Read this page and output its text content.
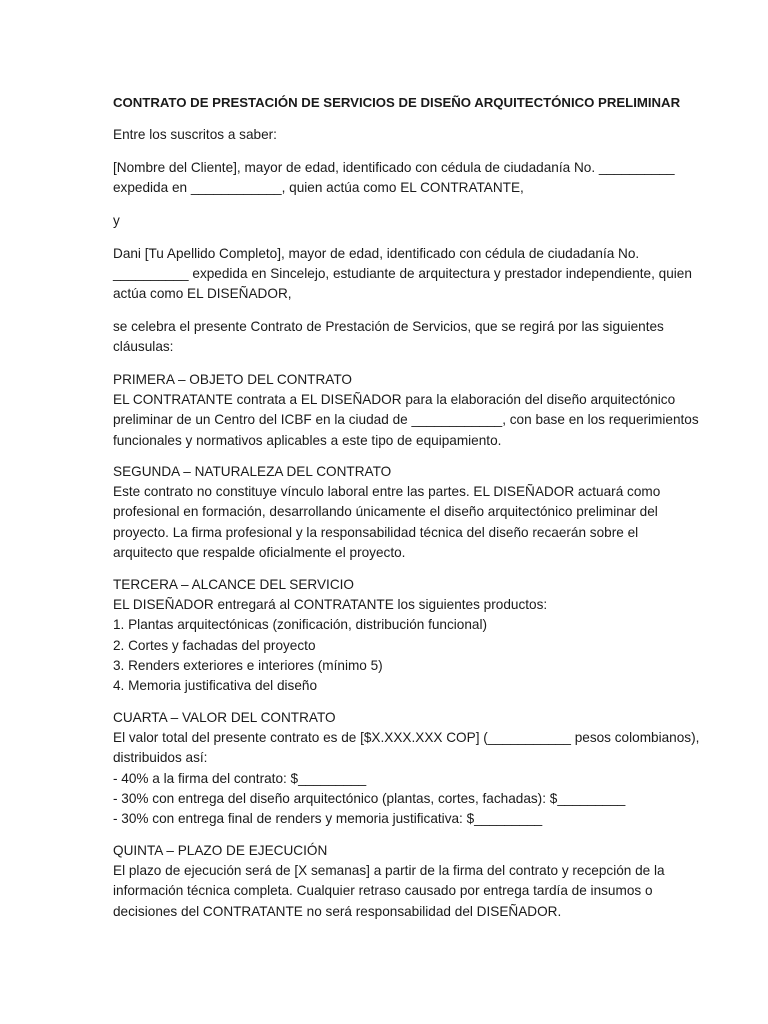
CONTRATO DE PRESTACIÓN DE SERVICIOS DE DISEÑO ARQUITECTÓNICO PRELIMINAR
Entre los suscritos a saber:
[Nombre del Cliente], mayor de edad, identificado con cédula de ciudadanía No. __________
expedida en ____________, quien actúa como EL CONTRATANTE,
y
Dani [Tu Apellido Completo], mayor de edad, identificado con cédula de ciudadanía No.
__________ expedida en Sincelejo, estudiante de arquitectura y prestador independiente, quien
actúa como EL DISEÑADOR,
se celebra el presente Contrato de Prestación de Servicios, que se regirá por las siguientes
cláusulas:
PRIMERA – OBJETO DEL CONTRATO
EL CONTRATANTE contrata a EL DISEÑADOR para la elaboración del diseño arquitectónico
preliminar de un Centro del ICBF en la ciudad de ____________, con base en los requerimientos
funcionales y normativos aplicables a este tipo de equipamiento.
SEGUNDA – NATURALEZA DEL CONTRATO
Este contrato no constituye vínculo laboral entre las partes. EL DISEÑADOR actuará como
profesional en formación, desarrollando únicamente el diseño arquitectónico preliminar del
proyecto. La firma profesional y la responsabilidad técnica del diseño recaerán sobre el
arquitecto que respalde oficialmente el proyecto.
TERCERA – ALCANCE DEL SERVICIO
EL DISEÑADOR entregará al CONTRATANTE los siguientes productos:
1. Plantas arquitectónicas (zonificación, distribución funcional)
2. Cortes y fachadas del proyecto
3. Renders exteriores e interiores (mínimo 5)
4. Memoria justificativa del diseño
CUARTA – VALOR DEL CONTRATO
El valor total del presente contrato es de [$X.XXX.XXX COP] (___________ pesos colombianos),
distribuidos así:
- 40% a la firma del contrato: $_________
- 30% con entrega del diseño arquitectónico (plantas, cortes, fachadas): $_________
- 30% con entrega final de renders y memoria justificativa: $_________
QUINTA – PLAZO DE EJECUCIÓN
El plazo de ejecución será de [X semanas] a partir de la firma del contrato y recepción de la
información técnica completa. Cualquier retraso causado por entrega tardía de insumos o
decisiones del CONTRATANTE no será responsabilidad del DISEÑADOR.
